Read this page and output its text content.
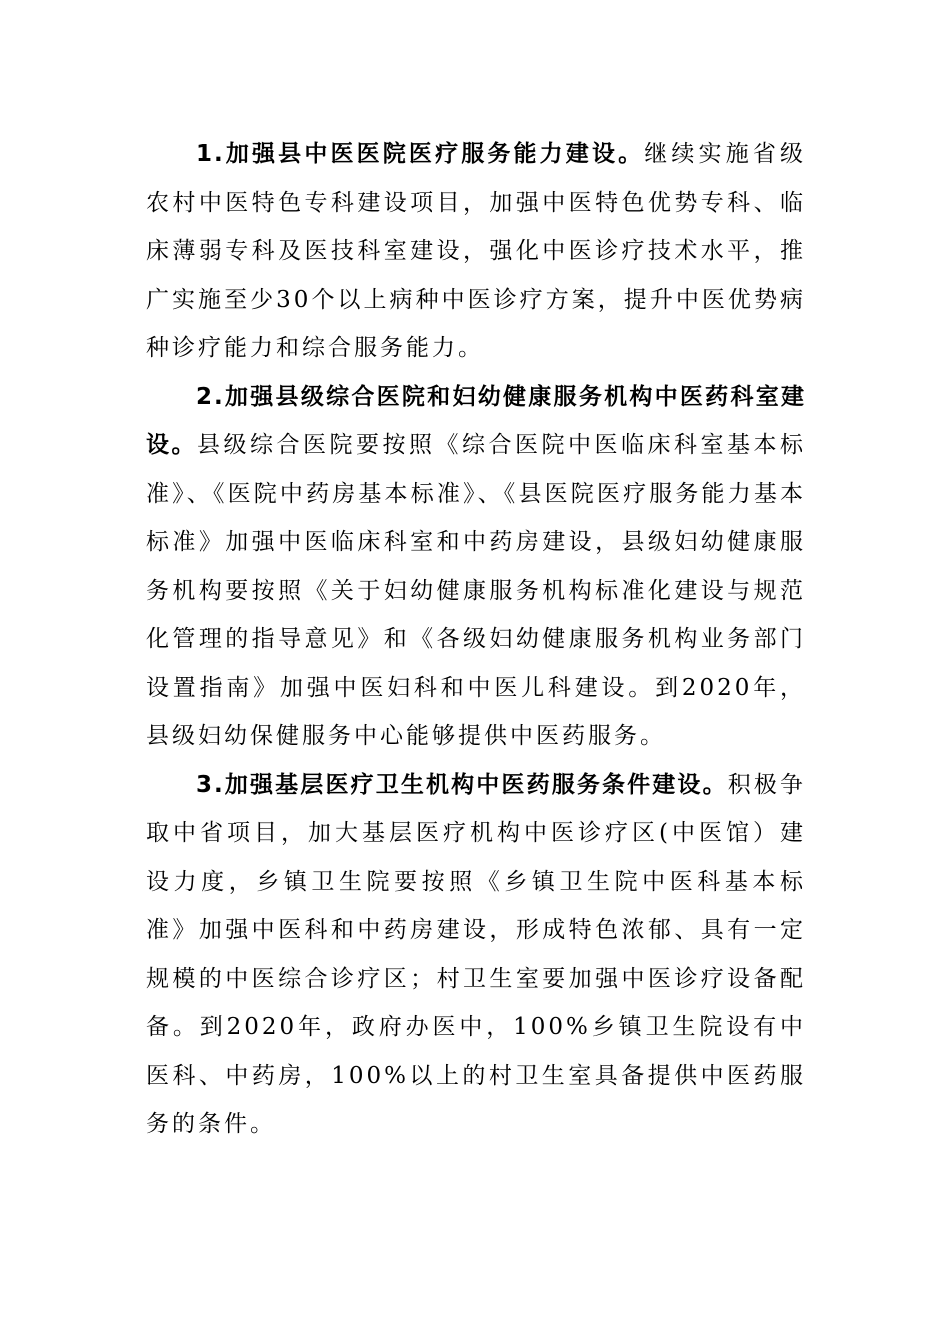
1.加强县中医医院医疗服务能力建设。继续实施省级农村中医特色专科建设项目，加强中医特色优势专科、临床薄弱专科及医技科室建设，强化中医诊疗技术水平，推广实施至少30个以上病种中医诊疗方案，提升中医优势病种诊疗能力和综合服务能力。

2.加强县级综合医院和妇幼健康服务机构中医药科室建设。县级综合医院要按照《综合医院中医临床科室基本标准》、《医院中药房基本标准》、《县医院医疗服务能力基本标准》加强中医临床科室和中药房建设，县级妇幼健康服务机构要按照《关于妇幼健康服务机构标准化建设与规范化管理的指导意见》和《各级妇幼健康服务机构业务部门设置指南》加强中医妇科和中医儿科建设。到2020年，县级妇幼保健服务中心能够提供中医药服务。

3.加强基层医疗卫生机构中医药服务条件建设。积极争取中省项目，加大基层医疗机构中医诊疗区(中医馆）建设力度，乡镇卫生院要按照《乡镇卫生院中医科基本标准》加强中医科和中药房建设，形成特色浓郁、具有一定规模的中医综合诊疗区；村卫生室要加强中医诊疗设备配备。到2020年，政府办医中，100%乡镇卫生院设有中医科、中药房，100%以上的村卫生室具备提供中医药服务的条件。
